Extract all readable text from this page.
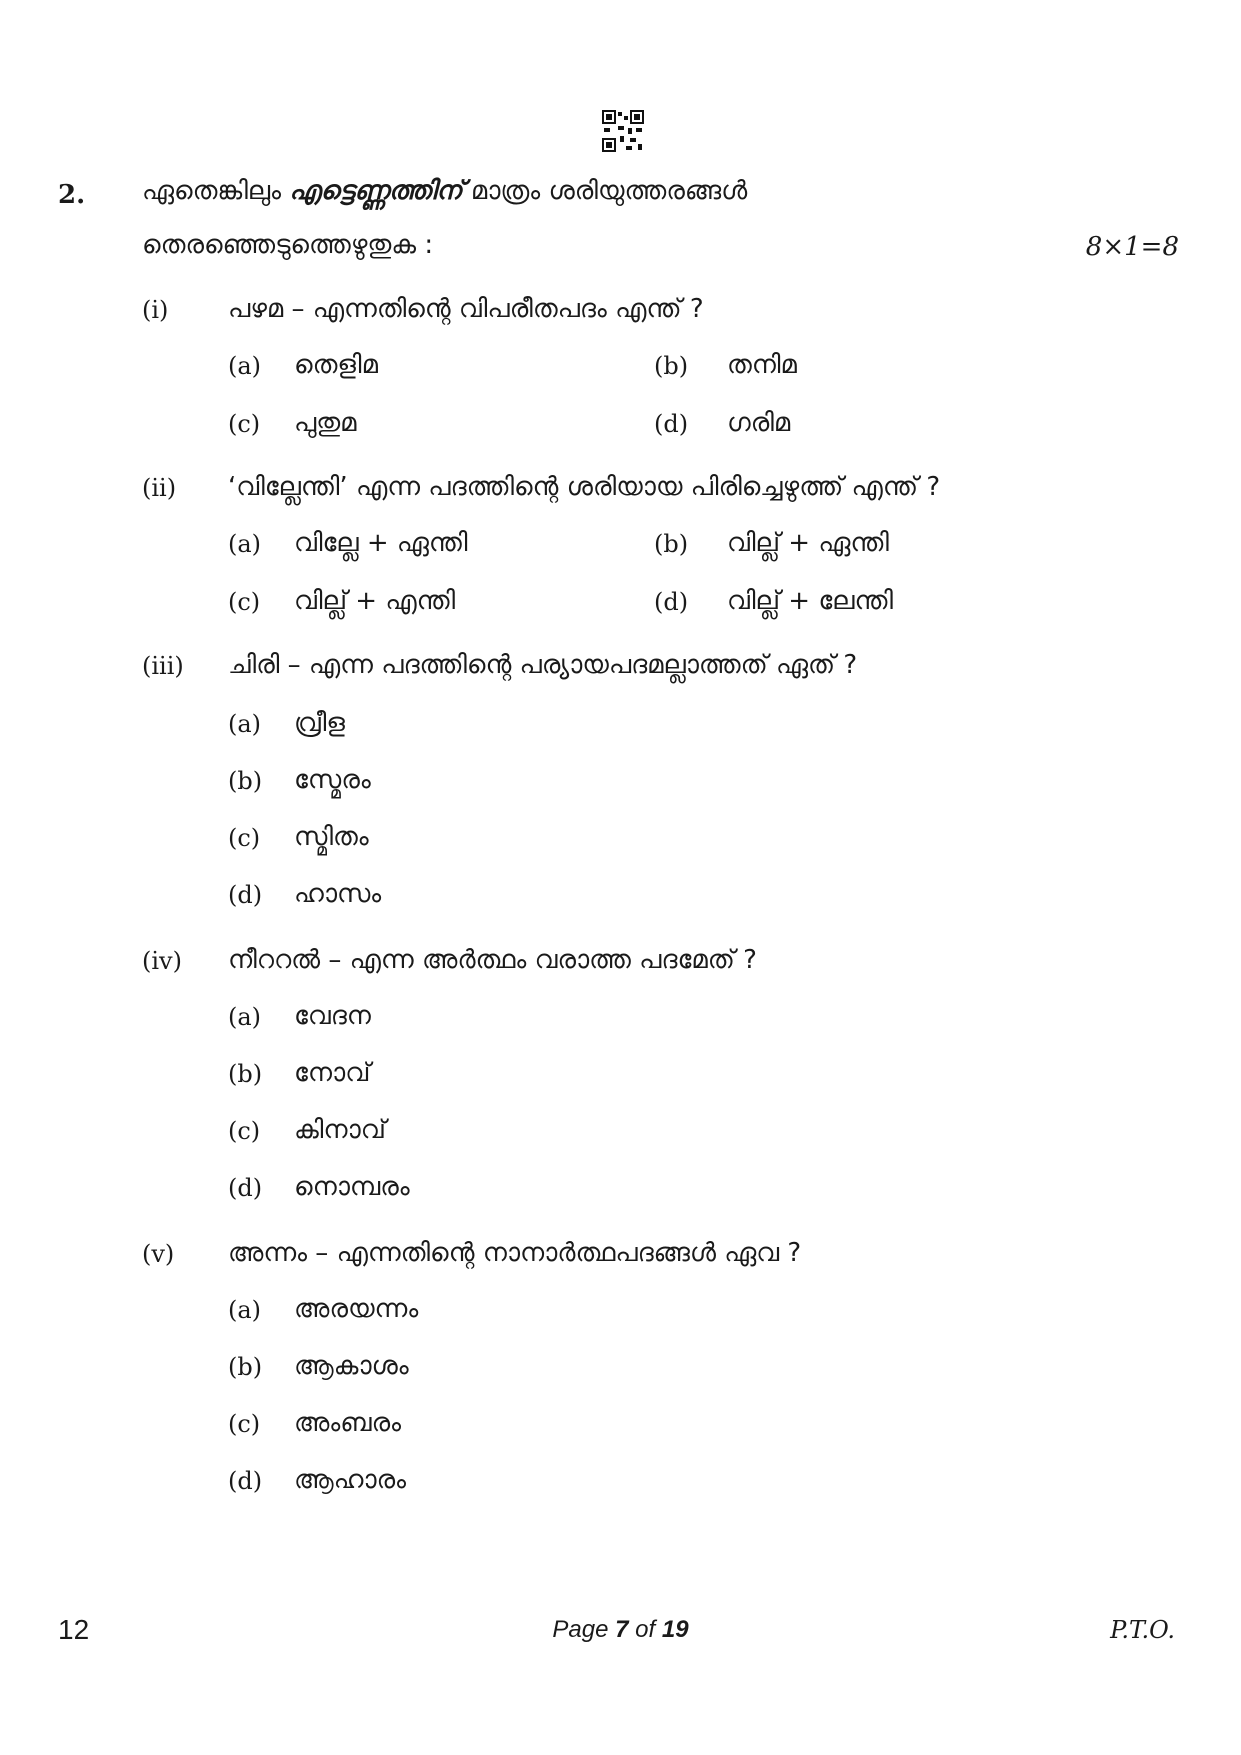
2. ഏതെങ്കിലും എട്ടെണ്ണത്തിന് മാത്രം ശരിയുത്തരങ്ങൾ
തെരഞ്ഞെടുത്തെഴുതുക :	8×1=8
(i) പഴമ – എന്നതിന്റെ വിപരീതപദം എന്ത് ?
(a) തെളിമ	(b) തനിമ
(c) പുതുമ	(d) ഗരിമ
(ii) ‘വില്ലേന്തി’ എന്ന പദത്തിന്റെ ശരിയായ പിരിച്ചെഴുത്ത് എന്ത് ?
(a) വില്ലേ + ഏന്തി	(b) വില്ല് + ഏന്തി
(c) വില്ല് + എന്തി	(d) വില്ല് + ലേന്തി
(iii) ചിരി – എന്ന പദത്തിന്റെ പര്യായപദമല്ലാത്തത് ഏത് ?
(a) വ്രീള
(b) സ്മേരം
(c) സ്മിതം
(d) ഹാസം
(iv) നീററൽ – എന്ന അർത്ഥം വരാത്ത പദമേത് ?
(a) വേദന
(b) നോവ്
(c) കിനാവ്
(d) നൊമ്പരം
(v) അന്നം – എന്നതിന്റെ നാനാർത്ഥപദങ്ങൾ ഏവ ?
(a) അരയന്നം
(b) ആകാശം
(c) അംബരം
(d) ആഹാരം
12	Page 7 of 19	P.T.O.
